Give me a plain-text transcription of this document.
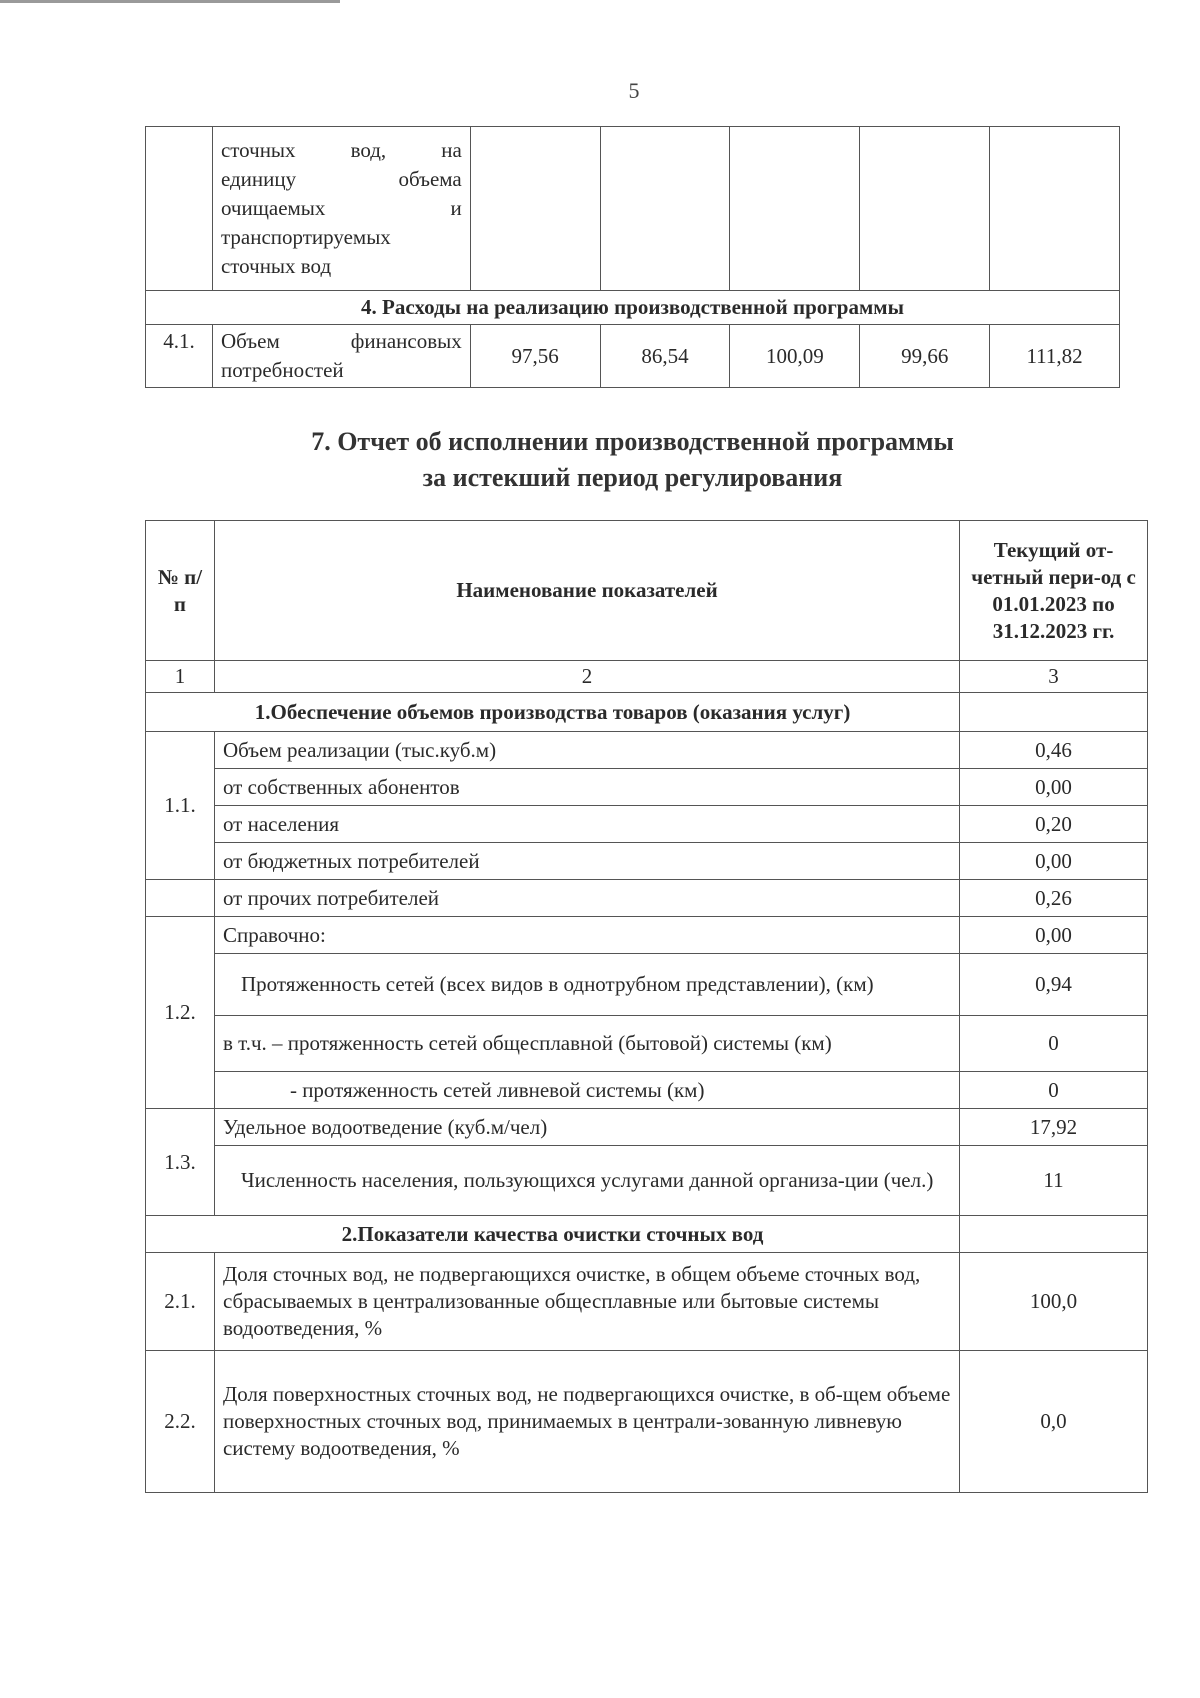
5

	сточных вод, на
единицу объема
очищаемых и
транспортируемых
сточных вод					

4. Расходы на реализацию производственной программы						
4.1.	Объем финансовых
потребностей	97,56	86,54	100,09	99,66	111,82
7. Отчет об исполнении производственной программы
за истекший период регулирования
№ п/п	Наименование показателей	Текущий от-четный пери-од с 01.01.2023 по 31.12.2023 гг.
1	2	3
1.Обеспечение объемов производства товаров (оказания услуг)		
1.1.	Объем реализации (тыс.куб.м)	0,46
	от собственных абонентов	0,00
	от населения	0,20
	от бюджетных потребителей	0,00
	от прочих потребителей	0,26
1.2.	Справочно:	0,00
	Протяженность сетей (всех видов в однотрубном представлении), (км)	0,94
	в т.ч. – протяженность сетей общесплавной (бытовой) системы (км)	0
	- протяженность сетей ливневой системы (км)	0
1.3.	Удельное водоотведение (куб.м/чел)	17,92
	Численность населения, пользующихся услугами данной организа-ции (чел.)	11
2.Показатели качества очистки сточных вод		
2.1.	Доля сточных вод, не подвергающихся очистке, в общем объеме сточных вод, сбрасываемых в централизованные общесплавные или бытовые системы водоотведения, %	100,0
2.2.	Доля поверхностных сточных вод, не подвергающихся очистке, в об-щем объеме поверхностных сточных вод, принимаемых в централи-зованную ливневую систему водоотведения, %	0,0
